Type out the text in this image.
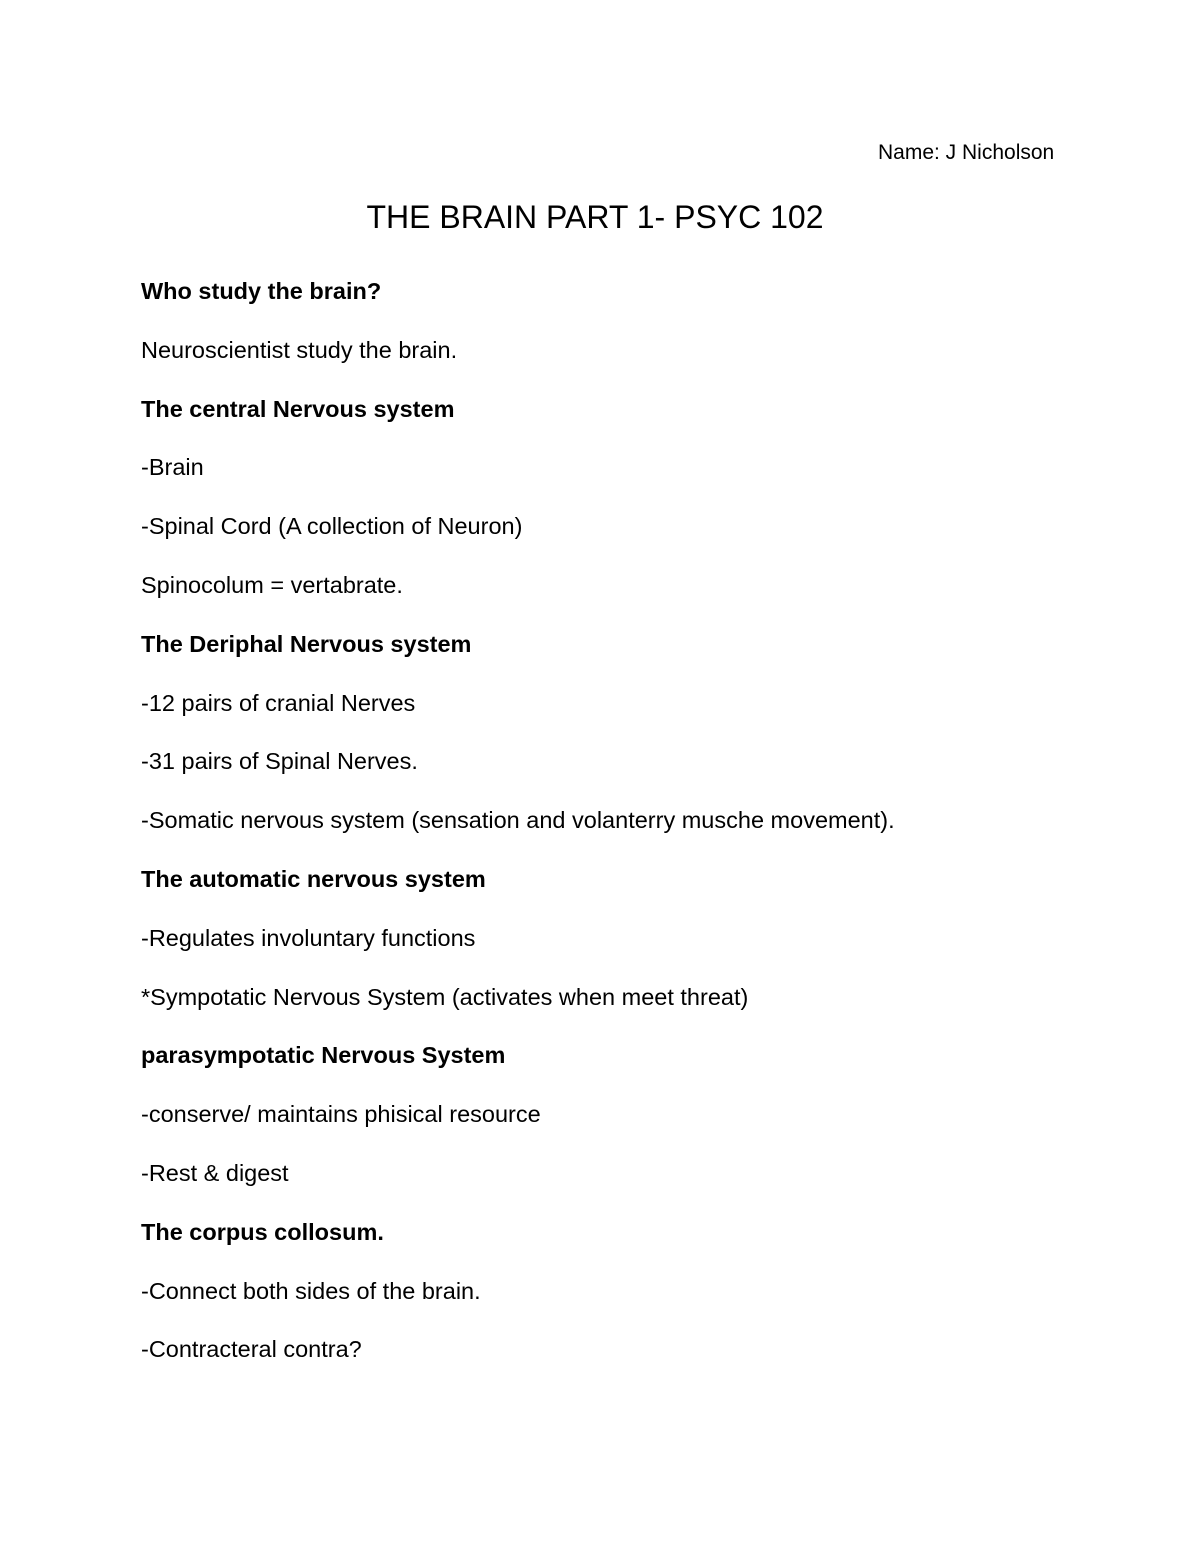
Name: J Nicholson
THE BRAIN PART 1- PSYC 102
Who study the brain?
Neuroscientist study the brain.
The central Nervous system
-Brain
-Spinal Cord (A collection of Neuron)
Spinocolum = vertabrate.
The Deriphal Nervous system
-12 pairs of cranial Nerves
-31 pairs of Spinal Nerves.
-Somatic nervous system (sensation and volanterry musche movement).
The automatic nervous system
-Regulates involuntary functions
*Sympotatic Nervous System (activates when meet threat)
parasympotatic Nervous System
-conserve/ maintains phisical resource
-Rest & digest
The corpus collosum.
-Connect both sides of the brain.
-Contracteral contra?
